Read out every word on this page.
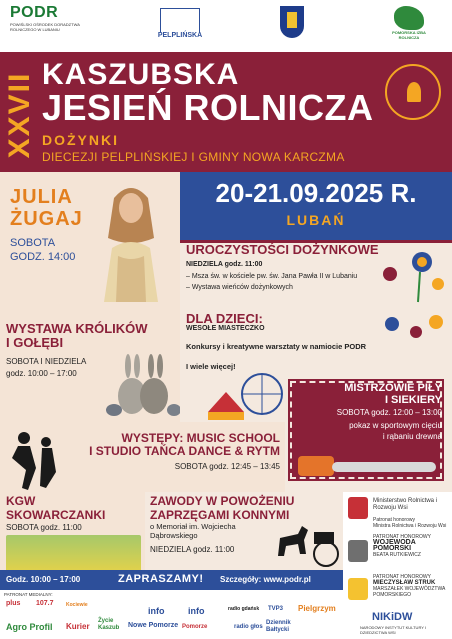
PODR
POWIŚLSKI OŚRODEK DORADZTWA ROLNICZEGO W LUBANIU
PELPLIŃSKA	POMORSKA IZBA ROLNICZA
XXVII KASZUBSKA
JESIEŃ ROLNICZA
DOŻYNKI
DIECEZJI PELPLIŃSKIEJ I GMINY NOWA KARCZMA
JULIA
ŻUGAJ
SOBOTA
GODZ. 14:00
20-21.09.2025 R.
LUBAŃ
UROCZYSTOŚCI DOŻYNKOWE
NIEDZIELA godz. 11:00
– Msza św. w kościele pw. św. Jana Pawła II w Lubaniu
– Wystawa wieńców dożynkowych
WYSTAWA KRÓLIKÓW
I GOŁĘBI
SOBOTA I NIEDZIELA
godz. 10:00 – 17:00
DLA DZIECI:
WESOŁE MIASTECZKO
Konkursy i kreatywne warsztaty w namiocie PODR
I wiele więcej!
MISTRZOWIE PIŁY
I SIEKIERY
SOBOTA godz. 12:00 – 13:00
pokaz w sportowym cięciu
i rąbaniu drewna
WYSTĘPY: MUSIC SCHOOL
I STUDIO TAŃCA DANCE & RYTM
SOBOTA godz. 12:45 – 13:45
KGW
SKOWARCZANKI
SOBOTA godz. 11:00
ZAWODY W POWOŻENIU
ZAPRZĘGAMI KONNYMI
o Memoriał im. Wojciecha Dąbrowskiego
NIEDZIELA godz. 11:00
Ministerstwo Rolnictwa i Rozwoju Wsi
Patronat honorowy
Ministra Rolnictwa i Rozwoju Wsi
PATRONAT HONOROWY
WOJEWODA
POMORSKI
BEATA RUTKIEWICZ
PATRONAT HONOROWY
MIECZYSŁAW STRUK
MARSZAŁEK WOJEWÓDZTWA POMORSKIEGO
Godz. 10:00 – 17:00	ZAPRASZAMY! Szczegóły: www.podr.pl
PATRONAT MEDIALNY:
plus 107.7 Kociewie
Agro Profil Kurier
Życie Kaszub
info	info
Nowe Pomorze Pomorze
radio gdańsk
radio głos
TVP3
Dziennik Bałtycki
Pielgrzym
NIKiDW
NARODOWY INSTYTUT KULTURY I DZIEDZICTWA WSI
